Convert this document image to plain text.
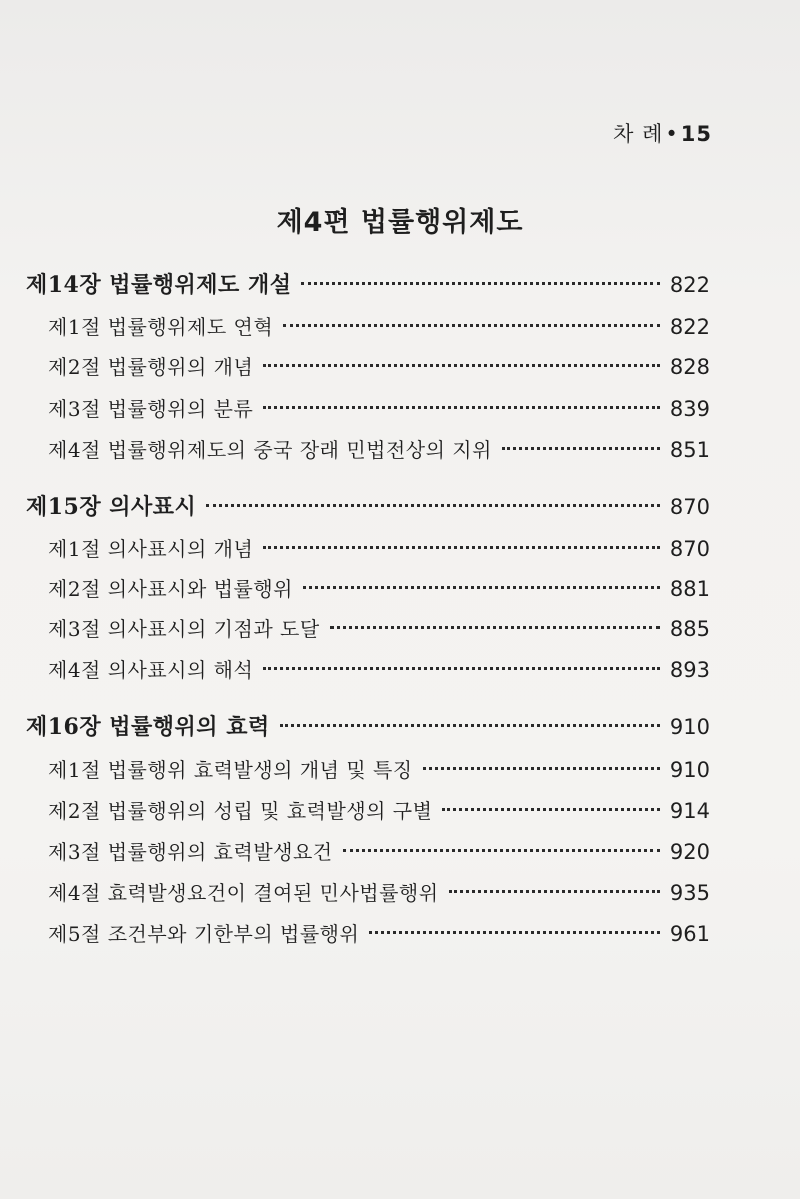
차 례•15
제4편 법률행위제도
제14장 법률행위제도 개설	822
제1절 법률행위제도 연혁	822
제2절 법률행위의 개념	828
제3절 법률행위의 분류	839
제4절 법률행위제도의 중국 장래 민법전상의 지위	851
제15장 의사표시	870
제1절 의사표시의 개념	870
제2절 의사표시와 법률행위	881
제3절 의사표시의 기점과 도달	885
제4절 의사표시의 해석	893
제16장 법률행위의 효력	910
제1절 법률행위 효력발생의 개념 및 특징	910
제2절 법률행위의 성립 및 효력발생의 구별	914
제3절 법률행위의 효력발생요건	920
제4절 효력발생요건이 결여된 민사법률행위	935
제5절 조건부와 기한부의 법률행위	961
